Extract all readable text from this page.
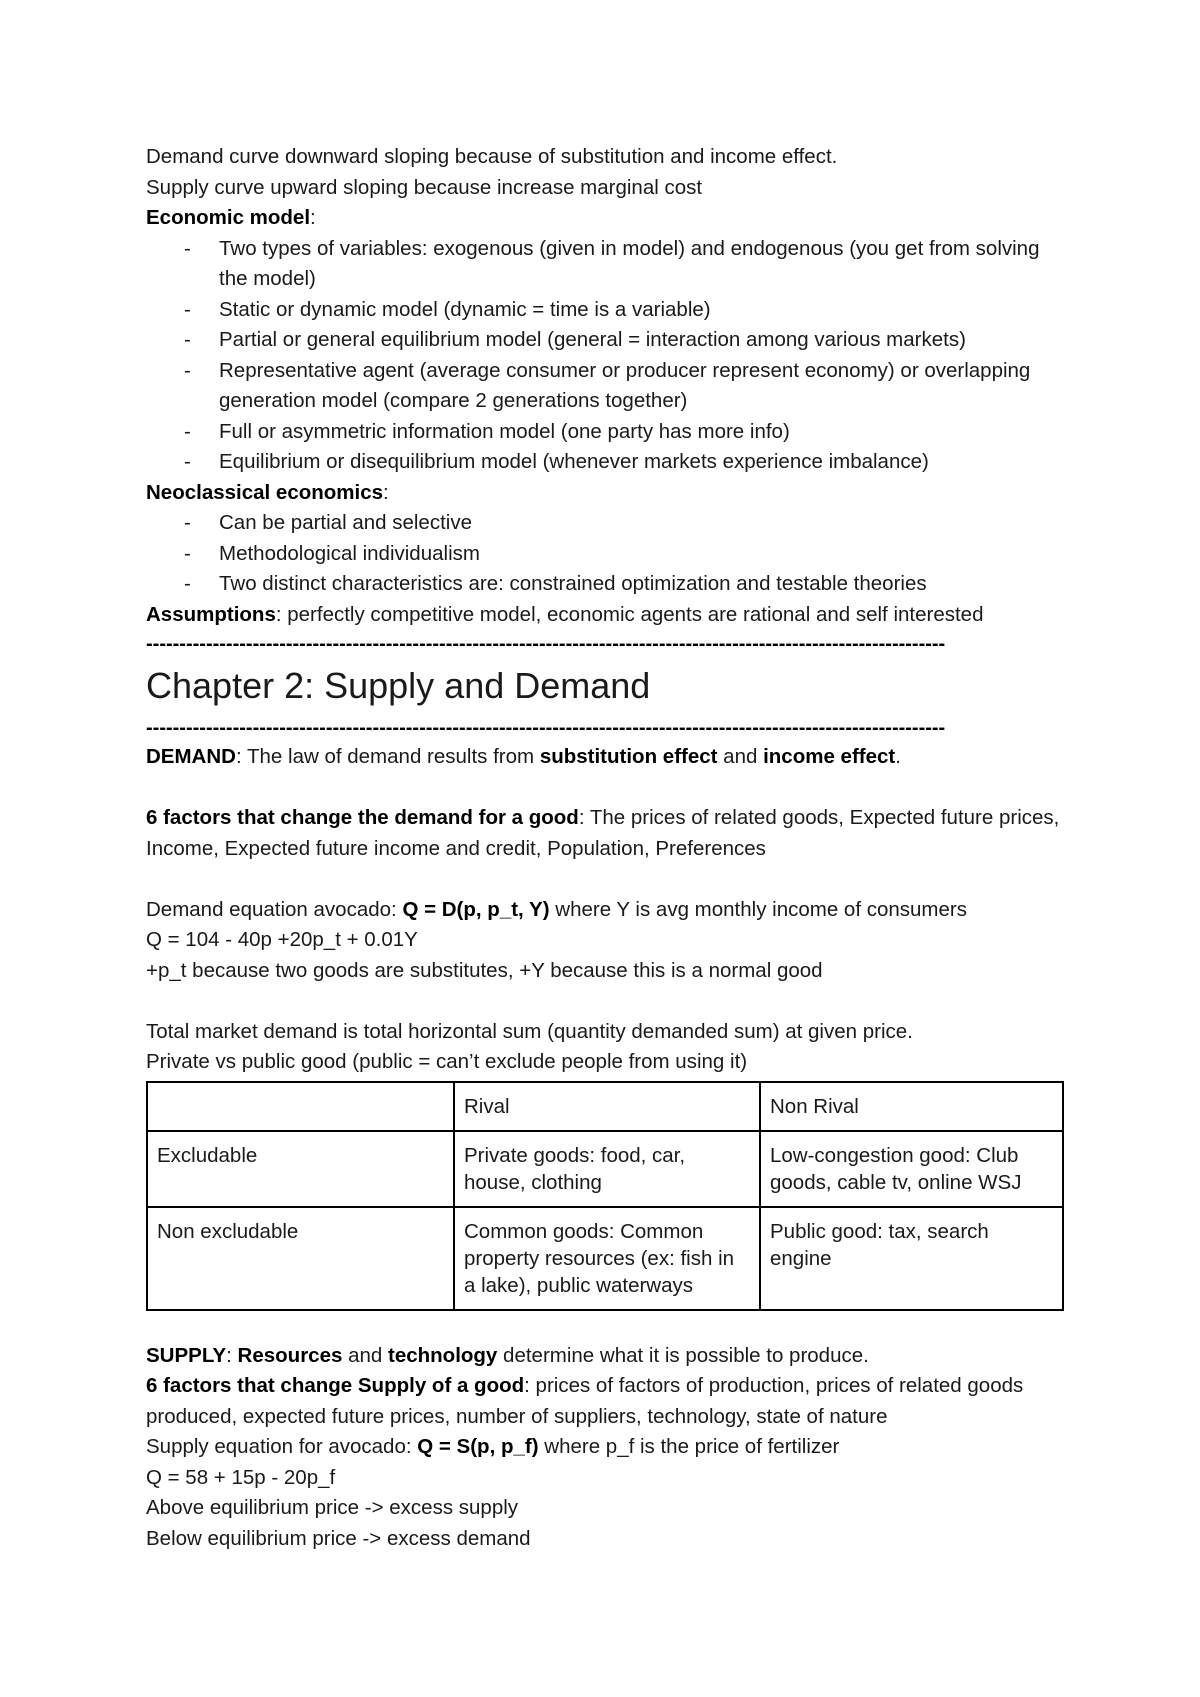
Demand curve downward sloping because of substitution and income effect.

Supply curve upward sloping because increase marginal cost

Economic model:

- Two types of variables: exogenous (given in model) and endogenous (you get from solving the model)
- Static or dynamic model (dynamic = time is a variable)
- Partial or general equilibrium model (general = interaction among various markets)
- Representative agent (average consumer or producer represent economy) or overlapping generation model (compare 2 generations together)
- Full or asymmetric information model (one party has more info)
- Equilibrium or disequilibrium model (whenever markets experience imbalance)

Neoclassical economics:

- Can be partial and selective
- Methodological individualism
- Two distinct characteristics are: constrained optimization and testable theories

Assumptions: perfectly competitive model, economic agents are rational and self interested

------------------------------------------------------------------------------------------------------------------------
Chapter 2: Supply and Demand
------------------------------------------------------------------------------------------------------------------------

DEMAND: The law of demand results from substitution effect and income effect.

6 factors that change the demand for a good: The prices of related goods, Expected future prices, Income, Expected future income and credit, Population, Preferences

Demand equation avocado: Q = D(p, p_t, Y) where Y is avg monthly income of consumers

Q = 104 - 40p +20p_t + 0.01Y

+p_t because two goods are substitutes, +Y because this is a normal good

Total market demand is total horizontal sum (quantity demanded sum) at given price.

Private vs public good (public = can’t exclude people from using it)

	Rival	Non Rival
Excludable	Private goods: food, car, house, clothing	Low-congestion good: Club goods, cable tv, online WSJ
Non excludable	Common goods: Common property resources (ex: fish in a lake), public waterways	Public good: tax, search engine

SUPPLY: Resources and technology determine what it is possible to produce.

6 factors that change Supply of a good: prices of factors of production, prices of related goods produced, expected future prices, number of suppliers, technology, state of nature

Supply equation for avocado: Q = S(p, p_f) where p_f is the price of fertilizer

Q = 58 + 15p - 20p_f

Above equilibrium price -> excess supply

Below equilibrium price -> excess demand
